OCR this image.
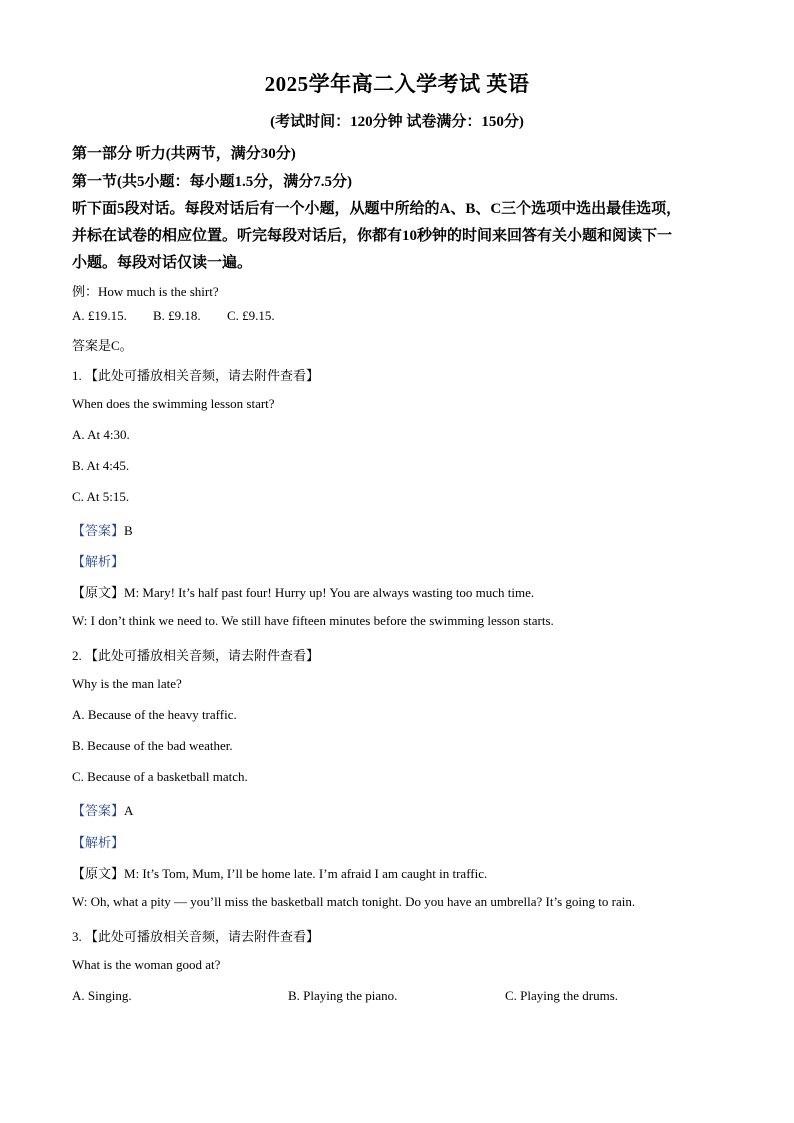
2025学年高二入学考试 英语
(考试时间：120分钟 试卷满分：150分)
第一部分 听力(共两节，满分30分)
第一节(共5小题：每小题1.5分，满分7.5分)
听下面5段对话。每段对话后有一个小题，从题中所给的A、B、C三个选项中选出最佳选项，
并标在试卷的相应位置。听完每段对话后，你都有10秒钟的时间来回答有关小题和阅读下一
小题。每段对话仅读一遍。
例：How much is the shirt?
A. £19.15. B. £9.18. C. £9.15.
答案是C。
1. 【此处可播放相关音频，请去附件查看】
When does the swimming lesson start?
A. At 4:30.
B. At 4:45.
C. At 5:15.
【答案】B
【解析】
【原文】M: Mary! It’s half past four! Hurry up! You are always wasting too much time.
W: I don’t think we need to. We still have fifteen minutes before the swimming lesson starts.
2. 【此处可播放相关音频，请去附件查看】
Why is the man late?
A. Because of the heavy traffic.
B. Because of the bad weather.
C. Because of a basketball match.
【答案】A
【解析】
【原文】M: It’s Tom, Mum, I’ll be home late. I’m afraid I am caught in traffic.
W: Oh, what a pity — you’ll miss the basketball match tonight. Do you have an umbrella? It’s going to rain.
3. 【此处可播放相关音频，请去附件查看】
What is the woman good at?
A. Singing.	B. Playing the piano.	C. Playing the drums.
